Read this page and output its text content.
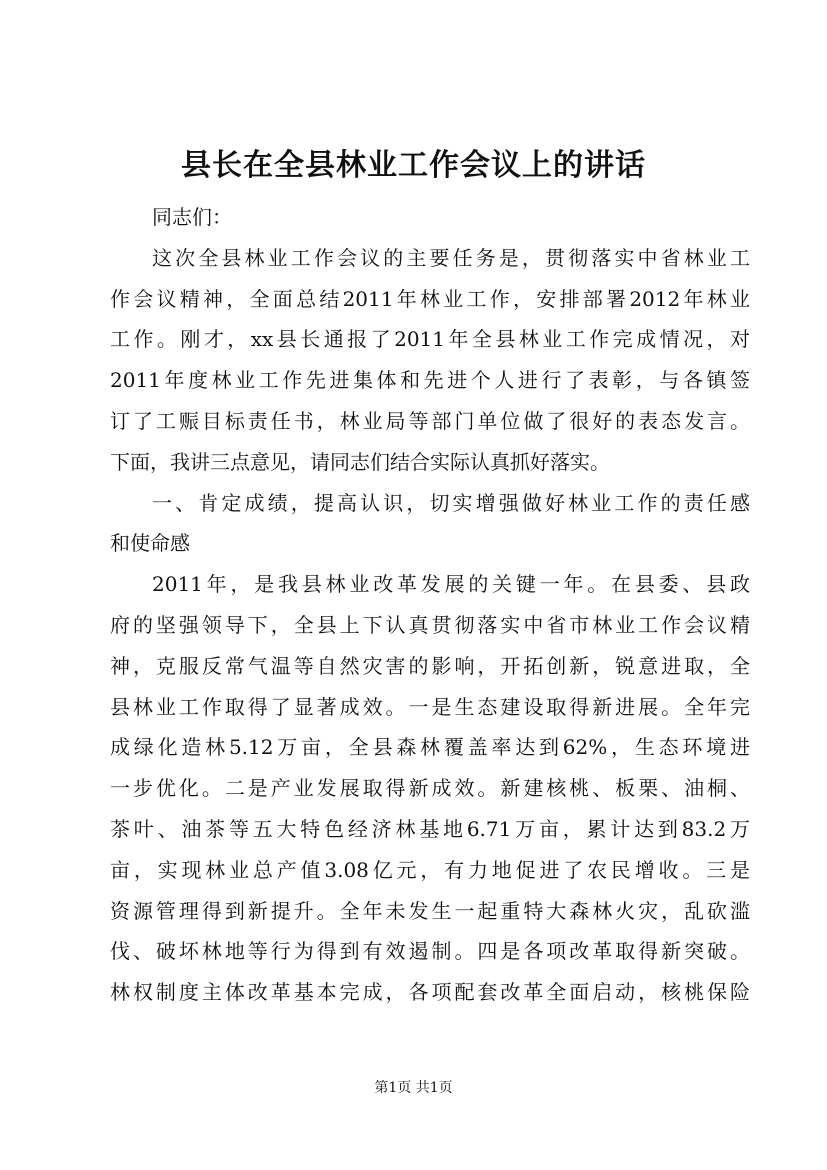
县长在全县林业工作会议上的讲话
同志们：
这次全县林业工作会议的主要任务是，贯彻落实中省林业工
作会议精神，全面总结2011年林业工作，安排部署2012年林业
工作。刚才，xx县长通报了2011年全县林业工作完成情况，对
2011年度林业工作先进集体和先进个人进行了表彰，与各镇签
订了工赈目标责任书，林业局等部门单位做了很好的表态发言。
下面，我讲三点意见，请同志们结合实际认真抓好落实。
一、肯定成绩，提高认识，切实增强做好林业工作的责任感
和使命感
2011年，是我县林业改革发展的关键一年。在县委、县政
府的坚强领导下，全县上下认真贯彻落实中省市林业工作会议精
神，克服反常气温等自然灾害的影响，开拓创新，锐意进取，全
县林业工作取得了显著成效。一是生态建设取得新进展。全年完
成绿化造林5.12万亩，全县森林覆盖率达到62%，生态环境进
一步优化。二是产业发展取得新成效。新建核桃、板栗、油桐、
茶叶、油茶等五大特色经济林基地6.71万亩，累计达到83.2万
亩，实现林业总产值3.08亿元，有力地促进了农民增收。三是
资源管理得到新提升。全年未发生一起重特大森林火灾，乱砍滥
伐、破坏林地等行为得到有效遏制。四是各项改革取得新突破。
林权制度主体改革基本完成，各项配套改革全面启动，核桃保险
第1页 共1页
